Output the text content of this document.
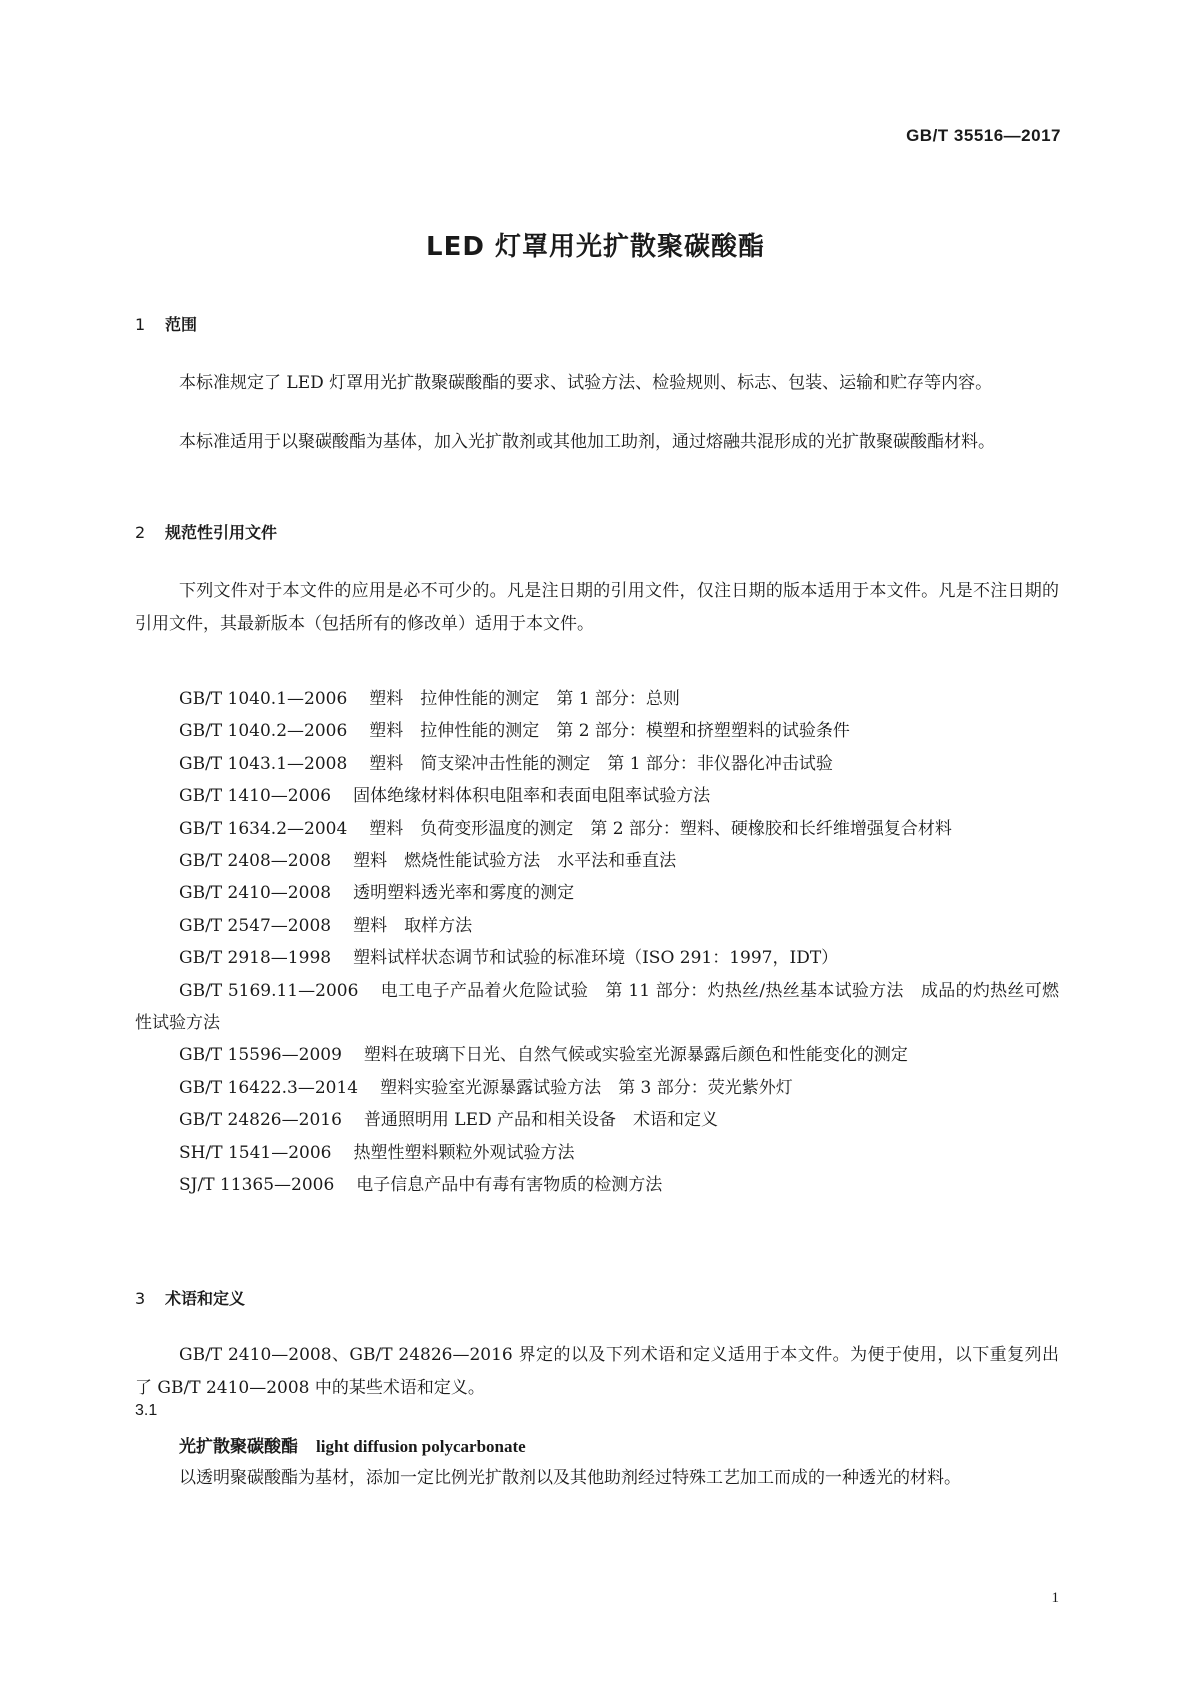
GB/T 35516—2017
LED 灯罩用光扩散聚碳酸酯
1 范围
本标准规定了 LED 灯罩用光扩散聚碳酸酯的要求、试验方法、检验规则、标志、包装、运输和贮存等内容。
本标准适用于以聚碳酸酯为基体，加入光扩散剂或其他加工助剂，通过熔融共混形成的光扩散聚碳酸酯材料。
2 规范性引用文件
下列文件对于本文件的应用是必不可少的。凡是注日期的引用文件，仅注日期的版本适用于本文件。凡是不注日期的引用文件，其最新版本（包括所有的修改单）适用于本文件。
GB/T 1040.1—2006 塑料　拉伸性能的测定　第 1 部分：总则
GB/T 1040.2—2006 塑料　拉伸性能的测定　第 2 部分：模塑和挤塑塑料的试验条件
GB/T 1043.1—2008 塑料　简支梁冲击性能的测定　第 1 部分：非仪器化冲击试验
GB/T 1410—2006 固体绝缘材料体积电阻率和表面电阻率试验方法
GB/T 1634.2—2004 塑料　负荷变形温度的测定　第 2 部分：塑料、硬橡胶和长纤维增强复合材料
GB/T 2408—2008 塑料　燃烧性能试验方法　水平法和垂直法
GB/T 2410—2008 透明塑料透光率和雾度的测定
GB/T 2547—2008 塑料　取样方法
GB/T 2918—1998 塑料试样状态调节和试验的标准环境（ISO 291：1997，IDT）
GB/T 5169.11—2006 电工电子产品着火危险试验　第 11 部分：灼热丝/热丝基本试验方法　成品的灼热丝可燃性试验方法
GB/T 15596—2009 塑料在玻璃下日光、自然气候或实验室光源暴露后颜色和性能变化的测定
GB/T 16422.3—2014 塑料实验室光源暴露试验方法　第 3 部分：荧光紫外灯
GB/T 24826—2016 普通照明用 LED 产品和相关设备　术语和定义
SH/T 1541—2006 热塑性塑料颗粒外观试验方法
SJ/T 11365—2006 电子信息产品中有毒有害物质的检测方法
3 术语和定义
GB/T 2410—2008、GB/T 24826—2016 界定的以及下列术语和定义适用于本文件。为便于使用，以下重复列出了 GB/T 2410—2008 中的某些术语和定义。
3.1
光扩散聚碳酸酯 light diffusion polycarbonate
以透明聚碳酸酯为基材，添加一定比例光扩散剂以及其他助剂经过特殊工艺加工而成的一种透光的材料。
1
